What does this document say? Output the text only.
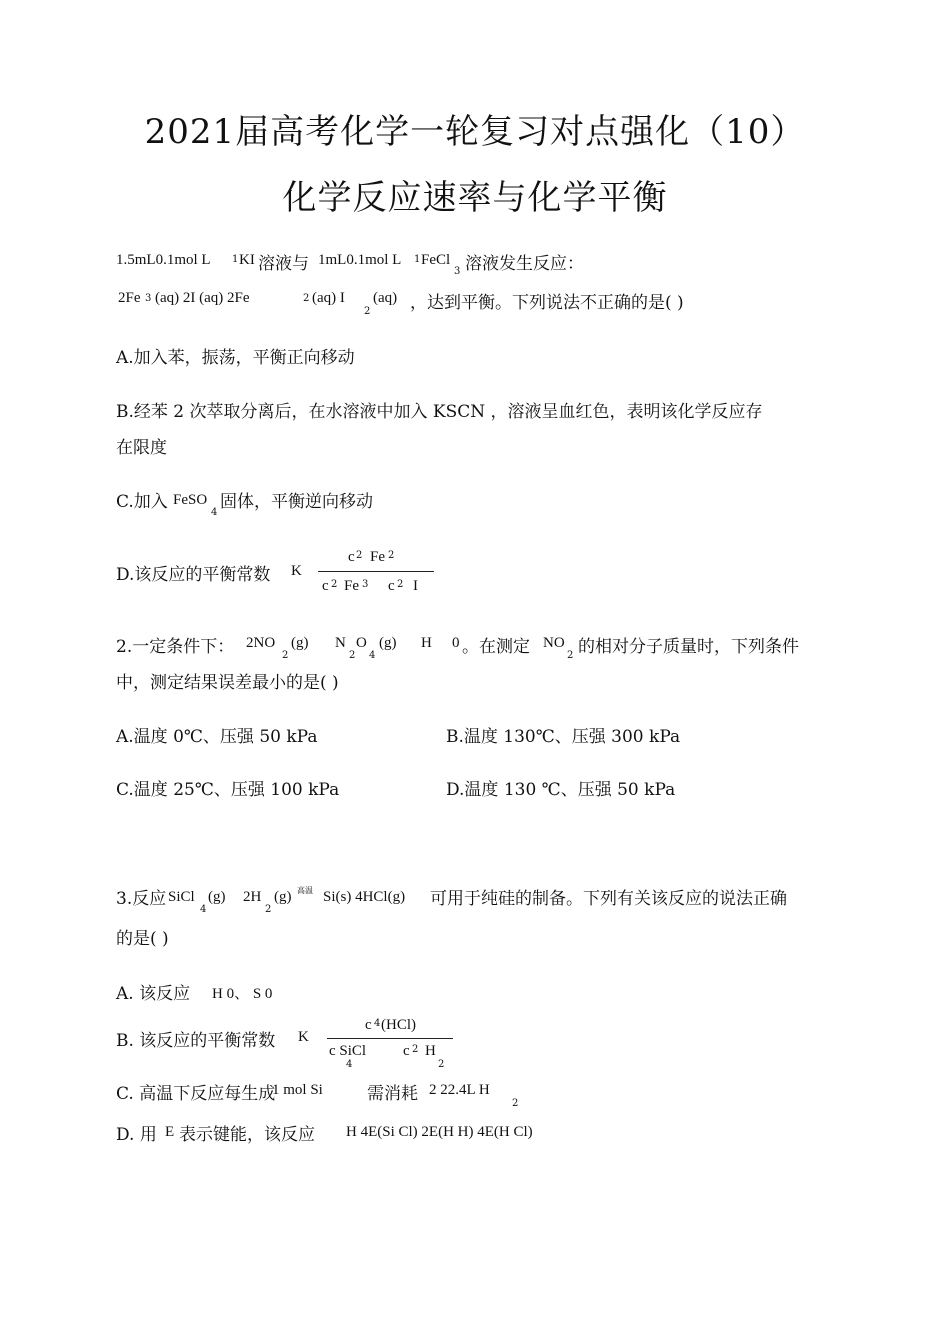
2021届高考化学一轮复习对点强化（10）
化学反应速率与化学平衡
1.5mL0.1mol L 1 KI 溶液与 1mL0.1mol L 1 FeCl
3 溶液发生反应：
2Fe 3 (aq) 2I (aq) 2Fe	2 (aq) I
2
(aq) ，达到平衡。下列说法不正确的是( )
A.加入苯，振荡，平衡正向移动
B.经苯 2 次萃取分离后，在水溶液中加入 KSCN ，溶液呈血红色，表明该化学反应存
在限度
C.加入 FeSO
4
固体，平衡逆向移动
D.该反应的平衡常数 K
c 2 Fe 2
c 2 Fe 3 c 2 I
2.一定条件下： 2NO
2
(g) N
2
O
4
(g) H 0 。在测定 NO
2 的相对分子质量时，下列条件
中，测定结果误差最小的是( )
A.温度 0℃、压强 50 kPa	B.温度 130℃、压强 300 kPa
C.温度 25℃、压强 100 kPa	D.温度 130 ℃、压强 50 kPa
3.反应 SiCl
4
(g) 2H
2
(g) 高温 Si(s) 4HCl(g) 可用于纯硅的制备。下列有关该反应的说法正确
的是( )
A. 该反应 H 0、 S 0
B. 该反应的平衡常数 K
c 4 (HCl)
c SiCl
4
c 2 H
2
C. 高温下反应每生成
1 mol Si	需消耗 2 22.4L H
2
D. 用 E 表示键能，该反应 H 4E(Si Cl) 2E(H H) 4E(H Cl)
